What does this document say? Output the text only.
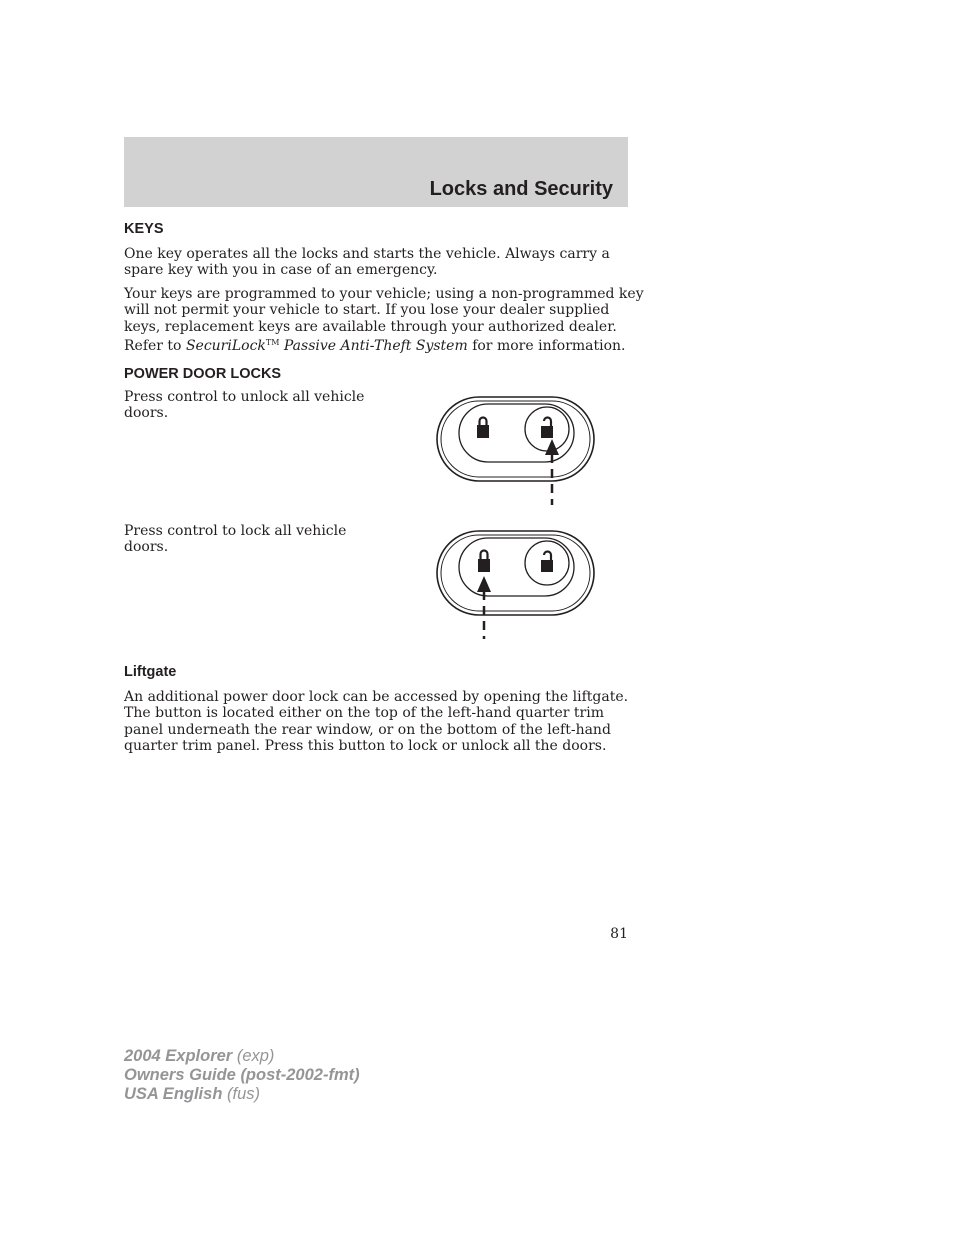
Locks and Security
KEYS
One key operates all the locks and starts the vehicle. Always carry a
spare key with you in case of an emergency.
Your keys are programmed to your vehicle; using a non-programmed key
will not permit your vehicle to start. If you lose your dealer supplied
keys, replacement keys are available through your authorized dealer.
Refer to SecuriLock™ Passive Anti-Theft System for more information.
POWER DOOR LOCKS
Press control to unlock all vehicle
doors.
Press control to lock all vehicle
doors.
Liftgate
An additional power door lock can be accessed by opening the liftgate.
The button is located either on the top of the left-hand quarter trim
panel underneath the rear window, or on the bottom of the left-hand
quarter trim panel. Press this button to lock or unlock all the doors.
81
2004 Explorer (exp)
Owners Guide (post-2002-fmt)
USA English (fus)
